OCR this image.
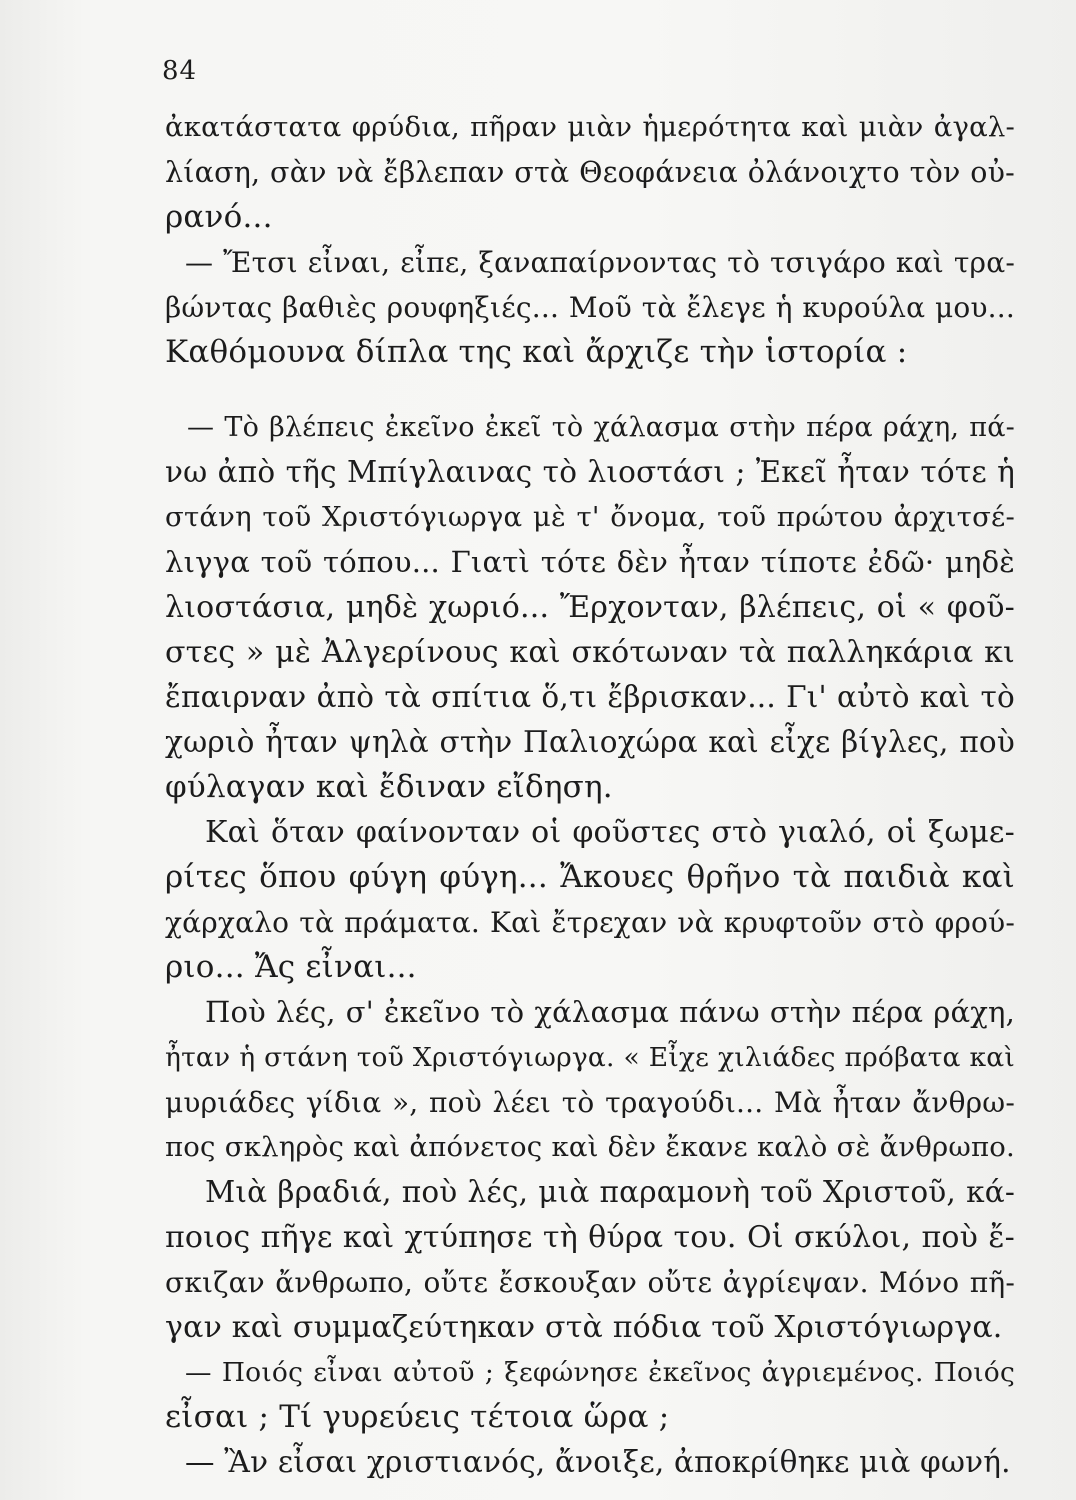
84
ἀκατάστατα φρύδια, πῆραν μιὰν ἡμερότητα καὶ μιὰν ἀγαλ-
λίαση, σὰν νὰ ἔβλεπαν στὰ Θεοφάνεια ὀλάνοιχτο τὸν οὐ-
ρανό...
— Ἔτσι εἶναι, εἶπε, ξαναπαίρνοντας τὸ τσιγάρο καὶ τρα-
βώντας βαθιὲς ρουφηξιές... Μοῦ τὰ ἔλεγε ἡ κυρούλα μου...
Καθόμουνα δίπλα της καὶ ἄρχιζε τὴν ἱστορία :
— Τὸ βλέπεις ἐκεῖνο ἐκεῖ τὸ χάλασμα στὴν πέρα ράχη, πά-
νω ἀπὸ τῆς Μπίγλαινας τὸ λιοστάσι ; Ἐκεῖ ἦταν τότε ἡ
στάνη τοῦ Χριστόγιωργα μὲ τ' ὄνομα, τοῦ πρώτου ἀρχιτσέ-
λιγγα τοῦ τόπου... Γιατὶ τότε δὲν ἦταν τίποτε ἐδῶ· μηδὲ
λιοστάσια, μηδὲ χωριό... Ἔρχονταν, βλέπεις, οἱ « φοῦ-
στες » μὲ Ἀλγερίνους καὶ σκότωναν τὰ παλληκάρια κι
ἔπαιρναν ἀπὸ τὰ σπίτια ὅ,τι ἔβρισκαν... Γι' αὐτὸ καὶ τὸ
χωριὸ ἦταν ψηλὰ στὴν Παλιοχώρα καὶ εἶχε βίγλες, ποὺ
φύλαγαν καὶ ἔδιναν εἴδηση.
Καὶ ὅταν φαίνονταν οἱ φοῦστες στὸ γιαλό, οἱ ξωμε-
ρίτες ὅπου φύγη φύγη... Ἄκουες θρῆνο τὰ παιδιὰ καὶ
χάρχαλο τὰ πράματα. Καὶ ἔτρεχαν νὰ κρυφτοῦν στὸ φρού-
ριο... Ἄς εἶναι...
Ποὺ λές, σ' ἐκεῖνο τὸ χάλασμα πάνω στὴν πέρα ράχη,
ἦταν ἡ στάνη τοῦ Χριστόγιωργα. « Εἶχε χιλιάδες πρόβατα καὶ
μυριάδες γίδια », ποὺ λέει τὸ τραγούδι... Μὰ ἦταν ἄνθρω-
πος σκληρὸς καὶ ἀπόνετος καὶ δὲν ἔκανε καλὸ σὲ ἄνθρωπο.
Μιὰ βραδιά, ποὺ λές, μιὰ παραμονὴ τοῦ Χριστοῦ, κά-
ποιος πῆγε καὶ χτύπησε τὴ θύρα του. Οἱ σκύλοι, ποὺ ἔ-
σκιζαν ἄνθρωπο, οὔτε ἔσκουξαν οὔτε ἀγρίεψαν. Μόνο πῆ-
γαν καὶ συμμαζεύτηκαν στὰ πόδια τοῦ Χριστόγιωργα.
— Ποιός εἶναι αὐτοῦ ; ξεφώνησε ἐκεῖνος ἀγριεμένος. Ποιός
εἶσαι ; Τί γυρεύεις τέτοια ὥρα ;
— Ἂν εἶσαι χριστιανός, ἄνοιξε, ἀποκρίθηκε μιὰ φωνή.
